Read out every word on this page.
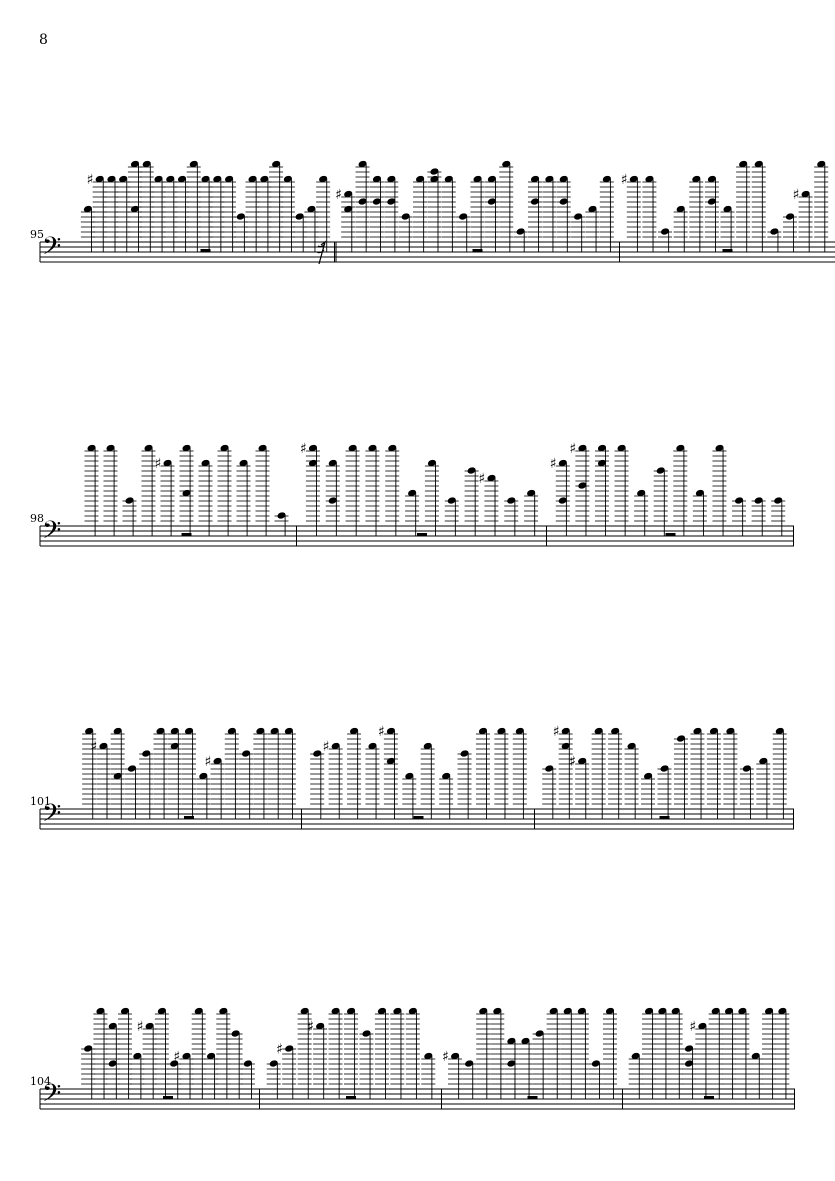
8
𝄢
95
♯
♯
♯
♯
𝄢
98
♯
♯
♯
♯
♯
𝄢
101
♯
♯
♯
♯	♯
♯
𝄢
104
♯
♯	♯
♯
♯
♯
